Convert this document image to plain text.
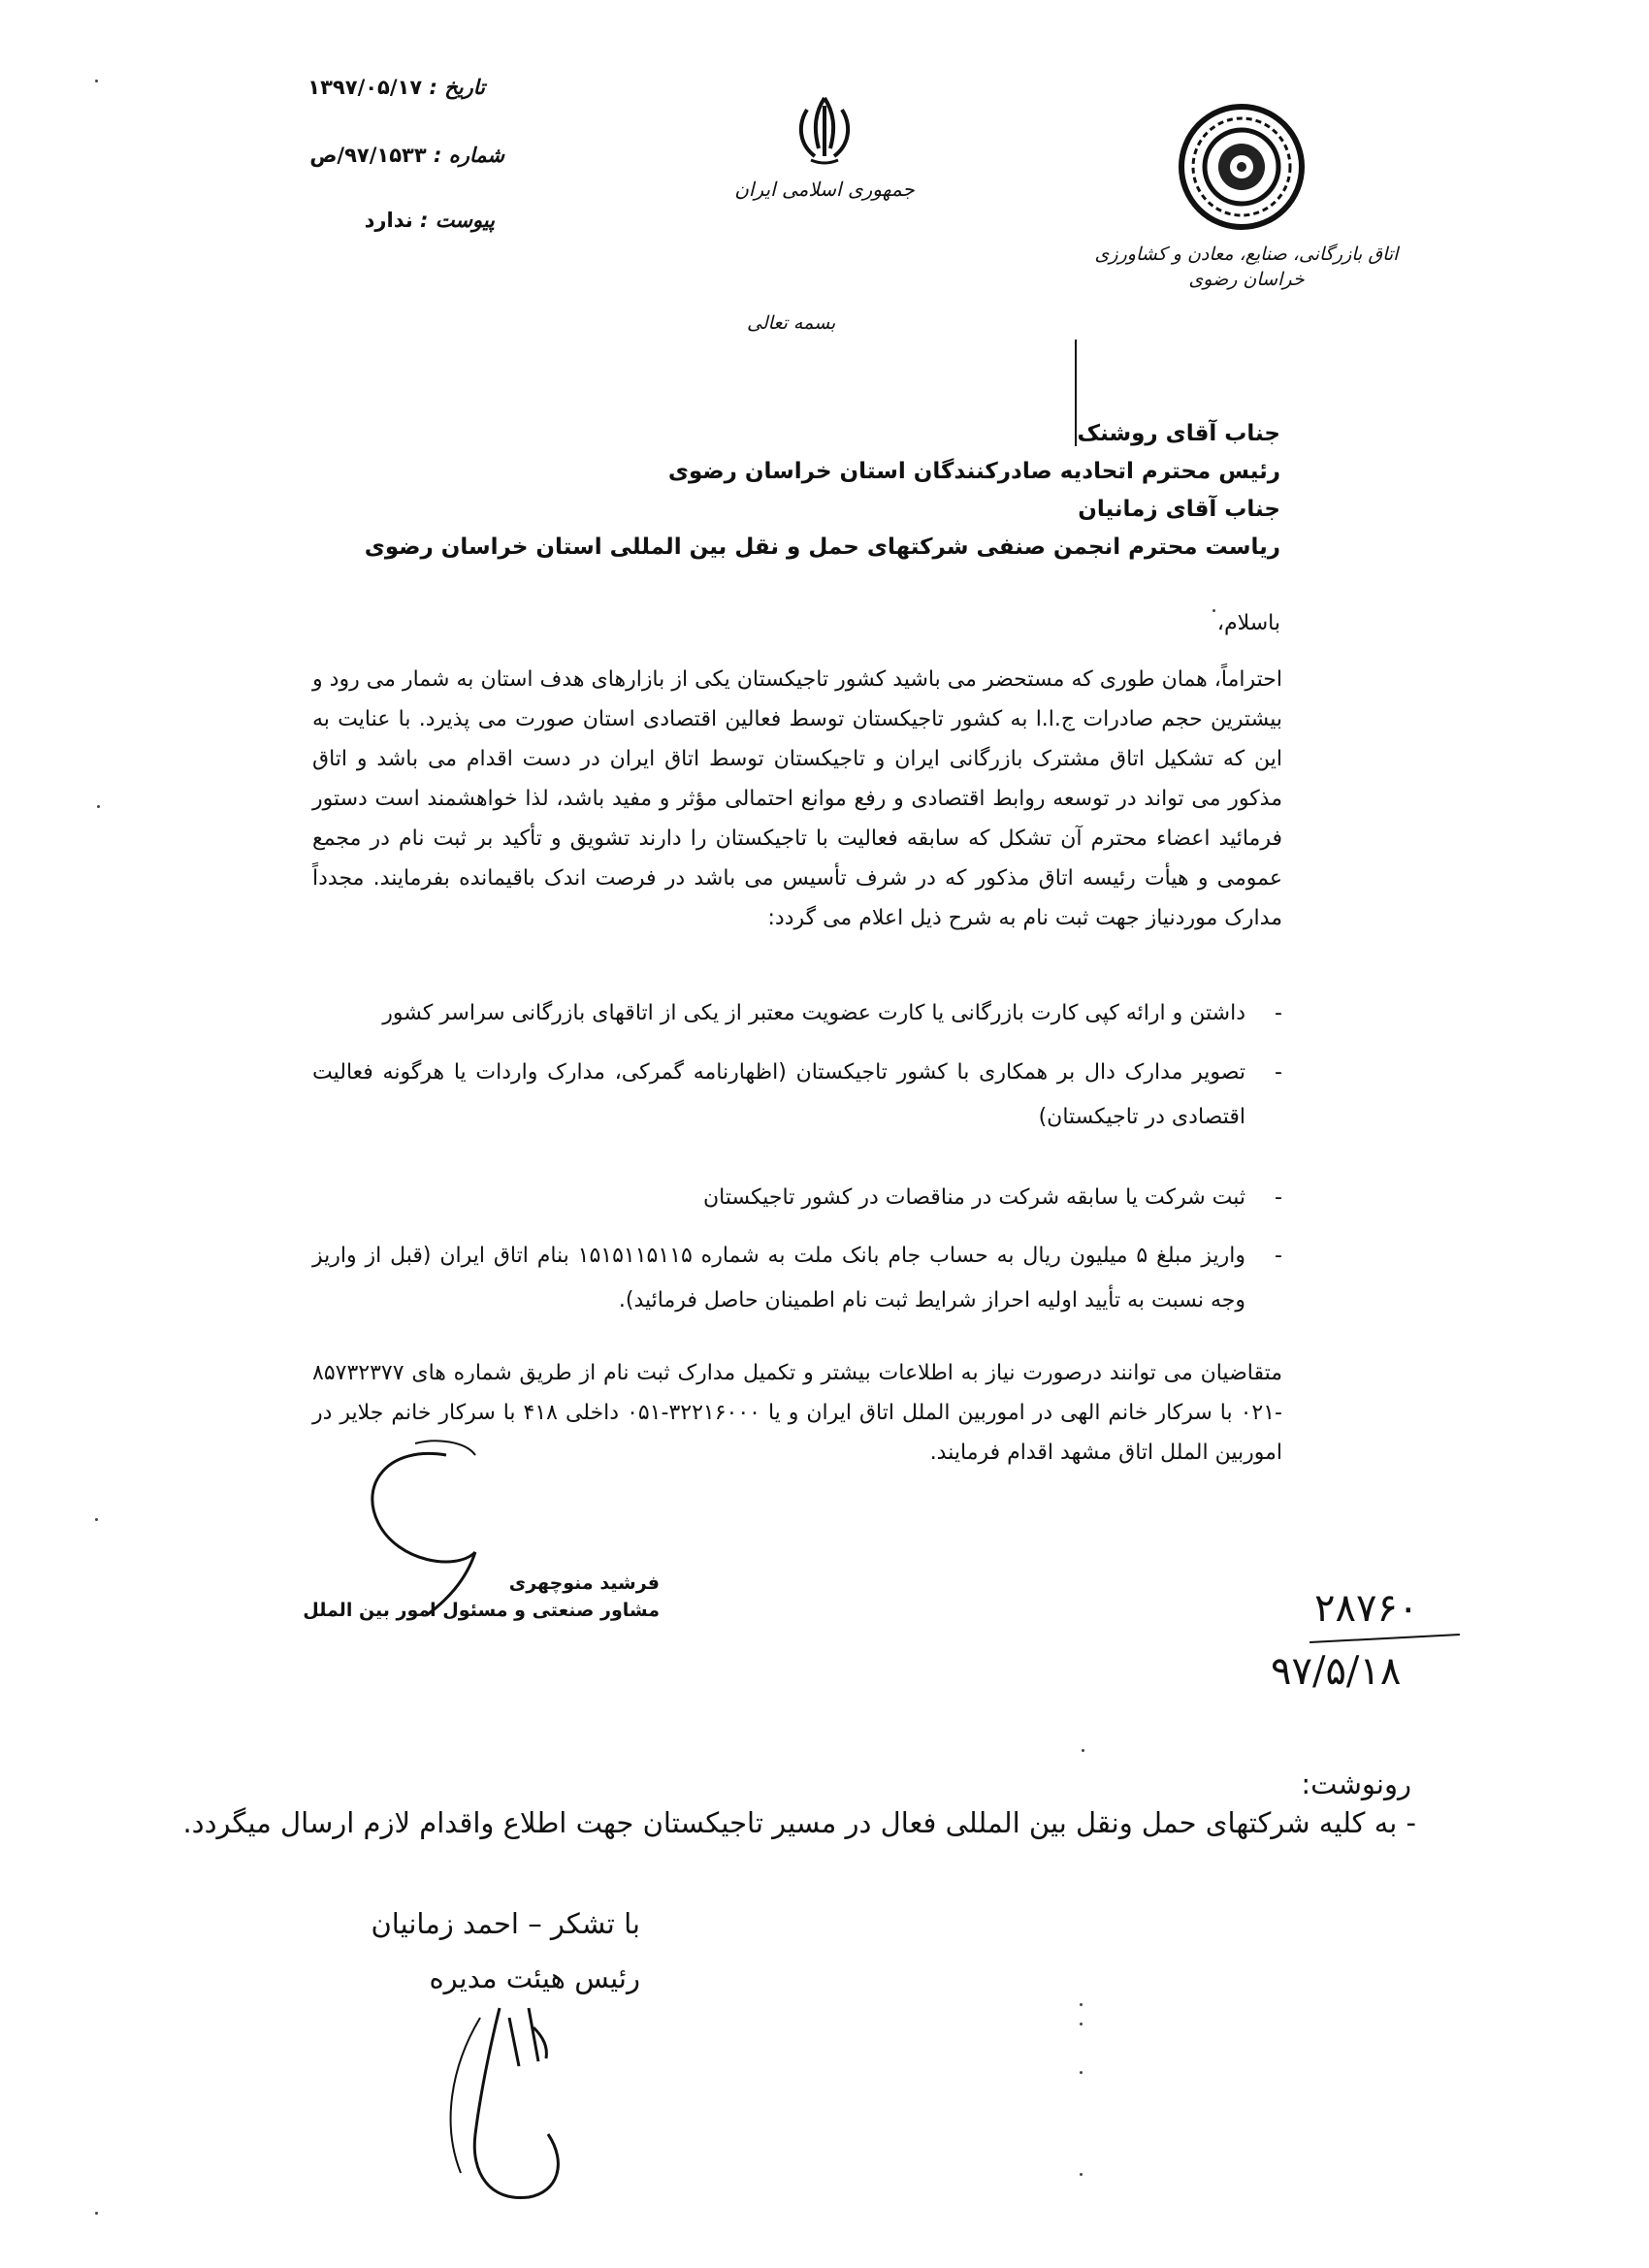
تاریخ : ۱۳۹۷/۰۵/۱۷
شماره : ۹۷/۱۵۳۳/ص
پیوست : ندارد
جمهوری اسلامی ایران
اتاق بازرگانی، صنایع، معادن و کشاورزی
خراسان رضوی
بسمه تعالی
جناب آقای روشنک
رئیس محترم اتحادیه صادرکنندگان استان خراسان رضوی
جناب آقای زمانیان
ریاست محترم انجمن صنفی شرکتهای حمل و نقل بین المللی استان خراسان رضوی
باسلام،
احتراماً، همان طوری که مستحضر می باشید کشور تاجیکستان یکی از بازارهای هدف استان به شمار می رود و بیشترین حجم صادرات ج.ا.ا به کشور تاجیکستان توسط فعالین اقتصادی استان صورت می پذیرد. با عنایت به این که تشکیل اتاق مشترک بازرگانی ایران و تاجیکستان توسط اتاق ایران در دست اقدام می باشد و اتاق مذکور می تواند در توسعه روابط اقتصادی و رفع موانع احتمالی مؤثر و مفید باشد، لذا خواهشمند است دستور فرمائید اعضاء محترم آن تشکل که سابقه فعالیت با تاجیکستان را دارند تشویق و تأکید بر ثبت نام در مجمع عمومی و هیأت رئیسه اتاق مذکور که در شرف تأسیس می باشد در فرصت اندک باقیمانده بفرمایند. مجدداً مدارک موردنیاز جهت ثبت نام به شرح ذیل اعلام می گردد:
-
داشتن و ارائه کپی کارت بازرگانی یا کارت عضویت معتبر از یکی از اتاقهای بازرگانی سراسر کشور
-
تصویر مدارک دال بر همکاری با کشور تاجیکستان (اظهارنامه گمرکی، مدارک واردات یا هرگونه فعالیت اقتصادی در تاجیکستان)
-
ثبت شرکت یا سابقه شرکت در مناقصات در کشور تاجیکستان
-
واریز مبلغ ۵ میلیون ریال به حساب جام بانک ملت به شماره ۱۵۱۵۱۱۵۱۱۵ بنام اتاق ایران (قبل از واریز وجه نسبت به تأیید اولیه احراز شرایط ثبت نام اطمینان حاصل فرمائید).
متقاضیان می توانند درصورت نیاز به اطلاعات بیشتر و تکمیل مدارک ثبت نام از طریق شماره های ۸۵۷۳۲۳۷۷ -۰۲۱ با سرکار خانم الهی در اموربین الملل اتاق ایران و یا ۳۲۲۱۶۰۰۰-۰۵۱ داخلی ۴۱۸ با سرکار خانم جلایر در اموربین الملل اتاق مشهد اقدام فرمایند.
فرشید منوچهری
مشاور صنعتی و مسئول امور بین الملل	۲۸۷۶۰
۹۷/۵/۱۸
رونوشت:
- به کلیه شرکتهای حمل ونقل بین المللی فعال در مسیر تاجیکستان جهت اطلاع واقدام لازم ارسال میگردد.
با تشکر – احمد زمانیان
رئیس هیئت مدیره
